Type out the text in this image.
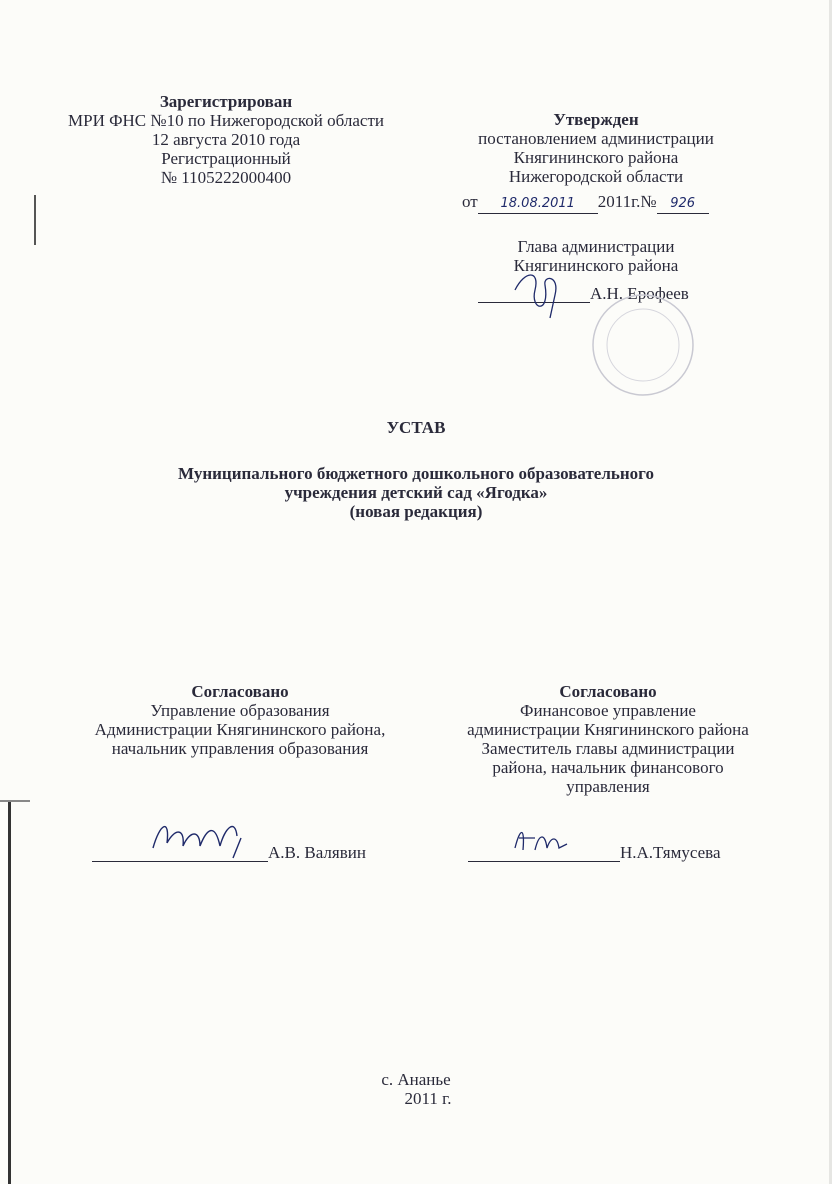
Зарегистрирован
МРИ ФНС №10 по Нижегородской области
12 августа 2010 года
Регистрационный
№ 1105222000400
Утвержден
постановлением администрации
Княгининского района
Нижегородской области
от 18.08.2011 2011г.№ 926
Глава администрации
Княгининского района
А.Н. Ерофеев
УСТАВ
Муниципального бюджетного дошкольного образовательного
учреждения детский сад «Ягодка»
(новая редакция)
Согласовано
Управление образования
Администрации Княгининского района,
начальник управления образования
А.В. Валявин
Согласовано
Финансовое управление
администрации Княгининского района
Заместитель главы администрации
района, начальник финансового
управления
Н.А.Тямусева
с. Ананье
2011 г.
